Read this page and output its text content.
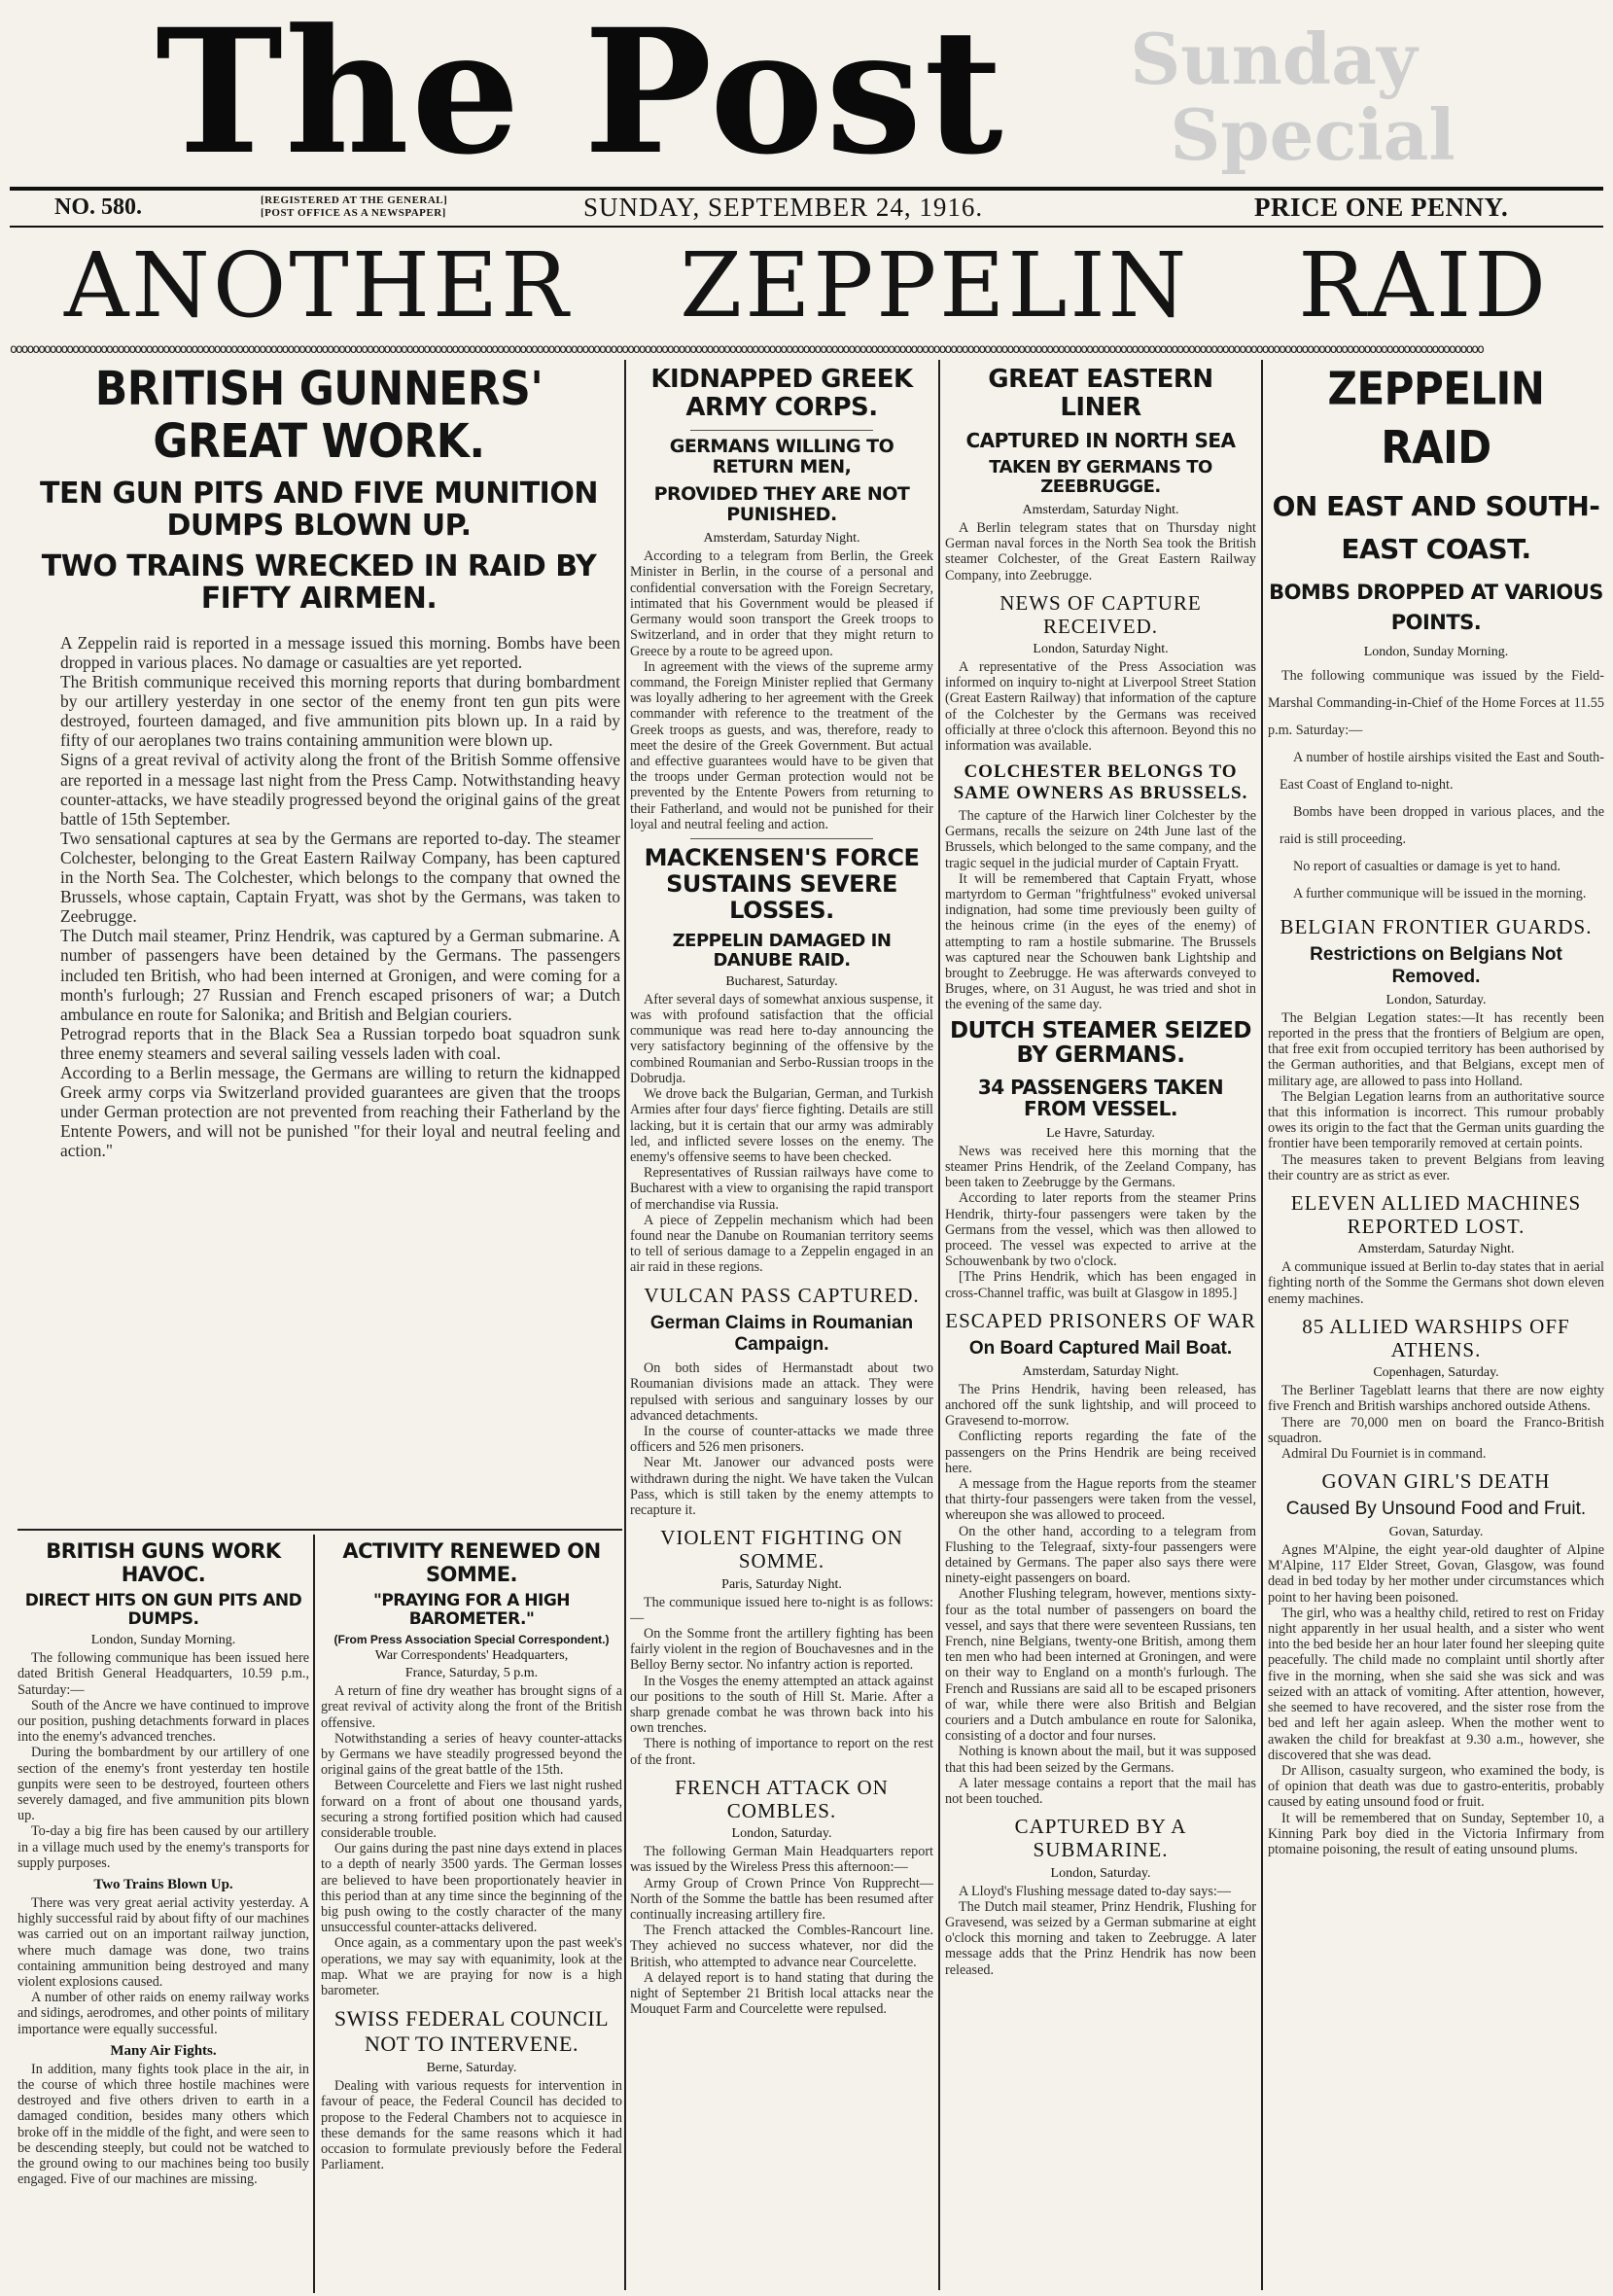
The Post	Sunday
Special
NO. 580.	[REGISTERED AT THE GENERAL]
[POST OFFICE AS A NEWSPAPER]	SUNDAY, SEPTEMBER 24, 1916.	PRICE ONE PENNY.
ANOTHER ZEPPELIN RAID
oooooooooooooooooooooooooooooooooooooooooooooooooooooooooooooooooooooooooooooooooooooooooooooooooooooooooooooooooooooooooooooooooooooooooooooooooooooooooooooooooooooooooooooooooooooooooooooooooooooooooooooooooooooooooooooooooooooooooooooooooooooooooooooooooooo
BRITISH GUNNERS' GREAT WORK.
TEN GUN PITS AND FIVE MUNITION DUMPS BLOWN UP.
TWO TRAINS WRECKED IN RAID BY FIFTY AIRMEN.

A Zeppelin raid is reported in a message issued this morning. Bombs have been dropped in various places. No damage or casualties are yet reported.

The British communique received this morning reports that during bombardment by our artillery yesterday in one sector of the enemy front ten gun pits were destroyed, fourteen damaged, and five ammunition pits blown up. In a raid by fifty of our aeroplanes two trains containing ammunition were blown up.

Signs of a great revival of activity along the front of the British Somme offensive are reported in a message last night from the Press Camp. Notwithstanding heavy counter-attacks, we have steadily progressed beyond the original gains of the great battle of 15th September.

Two sensational captures at sea by the Germans are reported to-day. The steamer Colchester, belonging to the Great Eastern Railway Company, has been captured in the North Sea. The Colchester, which belongs to the company that owned the Brussels, whose captain, Captain Fryatt, was shot by the Germans, was taken to Zeebrugge.

The Dutch mail steamer, Prinz Hendrik, was captured by a German submarine. A number of passengers have been detained by the Germans. The passengers included ten British, who had been interned at Gronigen, and were coming for a month's furlough; 27 Russian and French escaped prisoners of war; a Dutch ambulance en route for Salonika; and British and Belgian couriers.

Petrograd reports that in the Black Sea a Russian torpedo boat squadron sunk three enemy steamers and several sailing vessels laden with coal.

According to a Berlin message, the Germans are willing to return the kidnapped Greek army corps via Switzerland provided guarantees are given that the troops under German protection are not prevented from reaching their Fatherland by the Entente Powers, and will not be punished "for their loyal and neutral feeling and action."

BRITISH GUNS WORK HAVOC.
DIRECT HITS ON GUN PITS AND DUMPS.
London, Sunday Morning.

The following communique has been issued here dated British General Headquarters, 10.59 p.m., Saturday:—

South of the Ancre we have continued to improve our position, pushing detachments forward in places into the enemy's advanced trenches.

During the bombardment by our artillery of one section of the enemy's front yesterday ten hostile gunpits were seen to be destroyed, fourteen others severely damaged, and five ammunition pits blown up.

To-day a big fire has been caused by our artillery in a village much used by the enemy's transports for supply purposes.

Two Trains Blown Up.

There was very great aerial activity yesterday. A highly successful raid by about fifty of our machines was carried out on an important railway junction, where much damage was done, two trains containing ammunition being destroyed and many violent explosions caused.

A number of other raids on enemy railway works and sidings, aerodromes, and other points of military importance were equally successful.

Many Air Fights.

In addition, many fights took place in the air, in the course of which three hostile machines were destroyed and five others driven to earth in a damaged condition, besides many others which broke off in the middle of the fight, and were seen to be descending steeply, but could not be watched to the ground owing to our machines being too busily engaged. Five of our machines are missing.

ACTIVITY RENEWED ON SOMME.
"PRAYING FOR A HIGH BAROMETER."
(From Press Association Special Correspondent.)
War Correspondents' Headquarters,
France, Saturday, 5 p.m.

A return of fine dry weather has brought signs of a great revival of activity along the front of the British offensive.

Notwithstanding a series of heavy counter-attacks by Germans we have steadily progressed beyond the original gains of the great battle of the 15th.

Between Courcelette and Fiers we last night rushed forward on a front of about one thousand yards, securing a strong fortified position which had caused considerable trouble.

Our gains during the past nine days extend in places to a depth of nearly 3500 yards. The German losses are believed to have been proportionately heavier in this period than at any time since the beginning of the big push owing to the costly character of the many unsuccessful counter-attacks delivered.

Once again, as a commentary upon the past week's operations, we may say with equanimity, look at the map. What we are praying for now is a high barometer.

SWISS FEDERAL COUNCIL NOT TO INTERVENE.
Berne, Saturday.

Dealing with various requests for intervention in favour of peace, the Federal Council has decided to propose to the Federal Chambers not to acquiesce in these demands for the same reasons which it had occasion to formulate previously before the Federal Parliament.

KIDNAPPED GREEK ARMY CORPS.
GERMANS WILLING TO RETURN MEN,
PROVIDED THEY ARE NOT PUNISHED.
Amsterdam, Saturday Night.

According to a telegram from Berlin, the Greek Minister in Berlin, in the course of a personal and confidential conversation with the Foreign Secretary, intimated that his Government would be pleased if Germany would soon transport the Greek troops to Switzerland, and in order that they might return to Greece by a route to be agreed upon.

In agreement with the views of the supreme army command, the Foreign Minister replied that Germany was loyally adhering to her agreement with the Greek commander with reference to the treatment of the Greek troops as guests, and was, therefore, ready to meet the desire of the Greek Government. But actual and effective guarantees would have to be given that the troops under German protection would not be prevented by the Entente Powers from returning to their Fatherland, and would not be punished for their loyal and neutral feeling and action.

MACKENSEN'S FORCE SUSTAINS SEVERE LOSSES.
ZEPPELIN DAMAGED IN DANUBE RAID.
Bucharest, Saturday.

After several days of somewhat anxious suspense, it was with profound satisfaction that the official communique was read here to-day announcing the very satisfactory beginning of the offensive by the combined Roumanian and Serbo-Russian troops in the Dobrudja.

We drove back the Bulgarian, German, and Turkish Armies after four days' fierce fighting. Details are still lacking, but it is certain that our army was admirably led, and inflicted severe losses on the enemy. The enemy's offensive seems to have been checked.

Representatives of Russian railways have come to Bucharest with a view to organising the rapid transport of merchandise via Russia.

A piece of Zeppelin mechanism which had been found near the Danube on Roumanian territory seems to tell of serious damage to a Zeppelin engaged in an air raid in these regions.

VULCAN PASS CAPTURED.
German Claims in Roumanian Campaign.

On both sides of Hermanstadt about two Roumanian divisions made an attack. They were repulsed with serious and sanguinary losses by our advanced detachments.

In the course of counter-attacks we made three officers and 526 men prisoners.

Near Mt. Janower our advanced posts were withdrawn during the night. We have taken the Vulcan Pass, which is still taken by the enemy attempts to recapture it.

VIOLENT FIGHTING ON SOMME.
Paris, Saturday Night.

The communique issued here to-night is as follows:—

On the Somme front the artillery fighting has been fairly violent in the region of Bouchavesnes and in the Belloy Berny sector. No infantry action is reported.

In the Vosges the enemy attempted an attack against our positions to the south of Hill St. Marie. After a sharp grenade combat he was thrown back into his own trenches.

There is nothing of importance to report on the rest of the front.

FRENCH ATTACK ON COMBLES.
London, Saturday.

The following German Main Headquarters report was issued by the Wireless Press this afternoon:—

Army Group of Crown Prince Von Rupprecht—North of the Somme the battle has been resumed after continually increasing artillery fire.

The French attacked the Combles-Rancourt line. They achieved no success whatever, nor did the British, who attempted to advance near Courcelette.

A delayed report is to hand stating that during the night of September 21 British local attacks near the Mouquet Farm and Courcelette were repulsed.

GREAT EASTERN LINER
CAPTURED IN NORTH SEA
TAKEN BY GERMANS TO ZEEBRUGGE.
Amsterdam, Saturday Night.

A Berlin telegram states that on Thursday night German naval forces in the North Sea took the British steamer Colchester, of the Great Eastern Railway Company, into Zeebrugge.

NEWS OF CAPTURE RECEIVED.
London, Saturday Night.

A representative of the Press Association was informed on inquiry to-night at Liverpool Street Station (Great Eastern Railway) that information of the capture of the Colchester by the Germans was received officially at three o'clock this afternoon. Beyond this no information was available.

COLCHESTER BELONGS TO SAME OWNERS AS BRUSSELS.

The capture of the Harwich liner Colchester by the Germans, recalls the seizure on 24th June last of the Brussels, which belonged to the same company, and the tragic sequel in the judicial murder of Captain Fryatt.

It will be remembered that Captain Fryatt, whose martyrdom to German "frightfulness" evoked universal indignation, had some time previously been guilty of the heinous crime (in the eyes of the enemy) of attempting to ram a hostile submarine. The Brussels was captured near the Schouwen bank Lightship and brought to Zeebrugge. He was afterwards conveyed to Bruges, where, on 31 August, he was tried and shot in the evening of the same day.

DUTCH STEAMER SEIZED BY GERMANS.
34 PASSENGERS TAKEN FROM VESSEL.
Le Havre, Saturday.

News was received here this morning that the steamer Prins Hendrik, of the Zeeland Company, has been taken to Zeebrugge by the Germans.

According to later reports from the steamer Prins Hendrik, thirty-four passengers were taken by the Germans from the vessel, which was then allowed to proceed. The vessel was expected to arrive at the Schouwenbank by two o'clock.

[The Prins Hendrik, which has been engaged in cross-Channel traffic, was built at Glasgow in 1895.]

ESCAPED PRISONERS OF WAR
On Board Captured Mail Boat.
Amsterdam, Saturday Night.

The Prins Hendrik, having been released, has anchored off the sunk lightship, and will proceed to Gravesend to-morrow.

Conflicting reports regarding the fate of the passengers on the Prins Hendrik are being received here.

A message from the Hague reports from the steamer that thirty-four passengers were taken from the vessel, whereupon she was allowed to proceed.

On the other hand, according to a telegram from Flushing to the Telegraaf, sixty-four passengers were detained by Germans. The paper also says there were ninety-eight passengers on board.

Another Flushing telegram, however, mentions sixty-four as the total number of passengers on board the vessel, and says that there were seventeen Russians, ten French, nine Belgians, twenty-one British, among them ten men who had been interned at Groningen, and were on their way to England on a month's furlough. The French and Russians are said all to be escaped prisoners of war, while there were also British and Belgian couriers and a Dutch ambulance en route for Salonika, consisting of a doctor and four nurses.

Nothing is known about the mail, but it was supposed that this had been seized by the Germans.

A later message contains a report that the mail has not been touched.

CAPTURED BY A SUBMARINE.
London, Saturday.

A Lloyd's Flushing message dated to-day says:—

The Dutch mail steamer, Prinz Hendrik, Flushing for Gravesend, was seized by a German submarine at eight o'clock this morning and taken to Zeebrugge. A later message adds that the Prinz Hendrik has now been released.

ZEPPELIN RAID
ON EAST AND SOUTH-EAST COAST.
BOMBS DROPPED AT VARIOUS POINTS.
London, Sunday Morning.

The following communique was issued by the Field-Marshal Commanding-in-Chief of the Home Forces at 11.55 p.m. Saturday:—

A number of hostile airships visited the East and South-East Coast of England to-night.

Bombs have been dropped in various places, and the raid is still proceeding.

No report of casualties or damage is yet to hand.

A further communique will be issued in the morning.

BELGIAN FRONTIER GUARDS.
Restrictions on Belgians Not Removed.
London, Saturday.

The Belgian Legation states:—It has recently been reported in the press that the frontiers of Belgium are open, that free exit from occupied territory has been authorised by the German authorities, and that Belgians, except men of military age, are allowed to pass into Holland.

The Belgian Legation learns from an authoritative source that this information is incorrect. This rumour probably owes its origin to the fact that the German units guarding the frontier have been temporarily removed at certain points.

The measures taken to prevent Belgians from leaving their country are as strict as ever.

ELEVEN ALLIED MACHINES REPORTED LOST.
Amsterdam, Saturday Night.

A communique issued at Berlin to-day states that in aerial fighting north of the Somme the Germans shot down eleven enemy machines.

85 ALLIED WARSHIPS OFF ATHENS.
Copenhagen, Saturday.

The Berliner Tageblatt learns that there are now eighty five French and British warships anchored outside Athens.

There are 70,000 men on board the Franco-British squadron.

Admiral Du Fourniet is in command.

GOVAN GIRL'S DEATH
Caused By Unsound Food and Fruit.
Govan, Saturday.

Agnes M'Alpine, the eight year-old daughter of Alpine M'Alpine, 117 Elder Street, Govan, Glasgow, was found dead in bed today by her mother under circumstances which point to her having been poisoned.

The girl, who was a healthy child, retired to rest on Friday night apparently in her usual health, and a sister who went into the bed beside her an hour later found her sleeping quite peacefully. The child made no complaint until shortly after five in the morning, when she said she was sick and was seized with an attack of vomiting. After attention, however, she seemed to have recovered, and the sister rose from the bed and left her again asleep. When the mother went to awaken the child for breakfast at 9.30 a.m., however, she discovered that she was dead.

Dr Allison, casualty surgeon, who examined the body, is of opinion that death was due to gastro-enteritis, probably caused by eating unsound food or fruit.

It will be remembered that on Sunday, September 10, a Kinning Park boy died in the Victoria Infirmary from ptomaine poisoning, the result of eating unsound plums.
